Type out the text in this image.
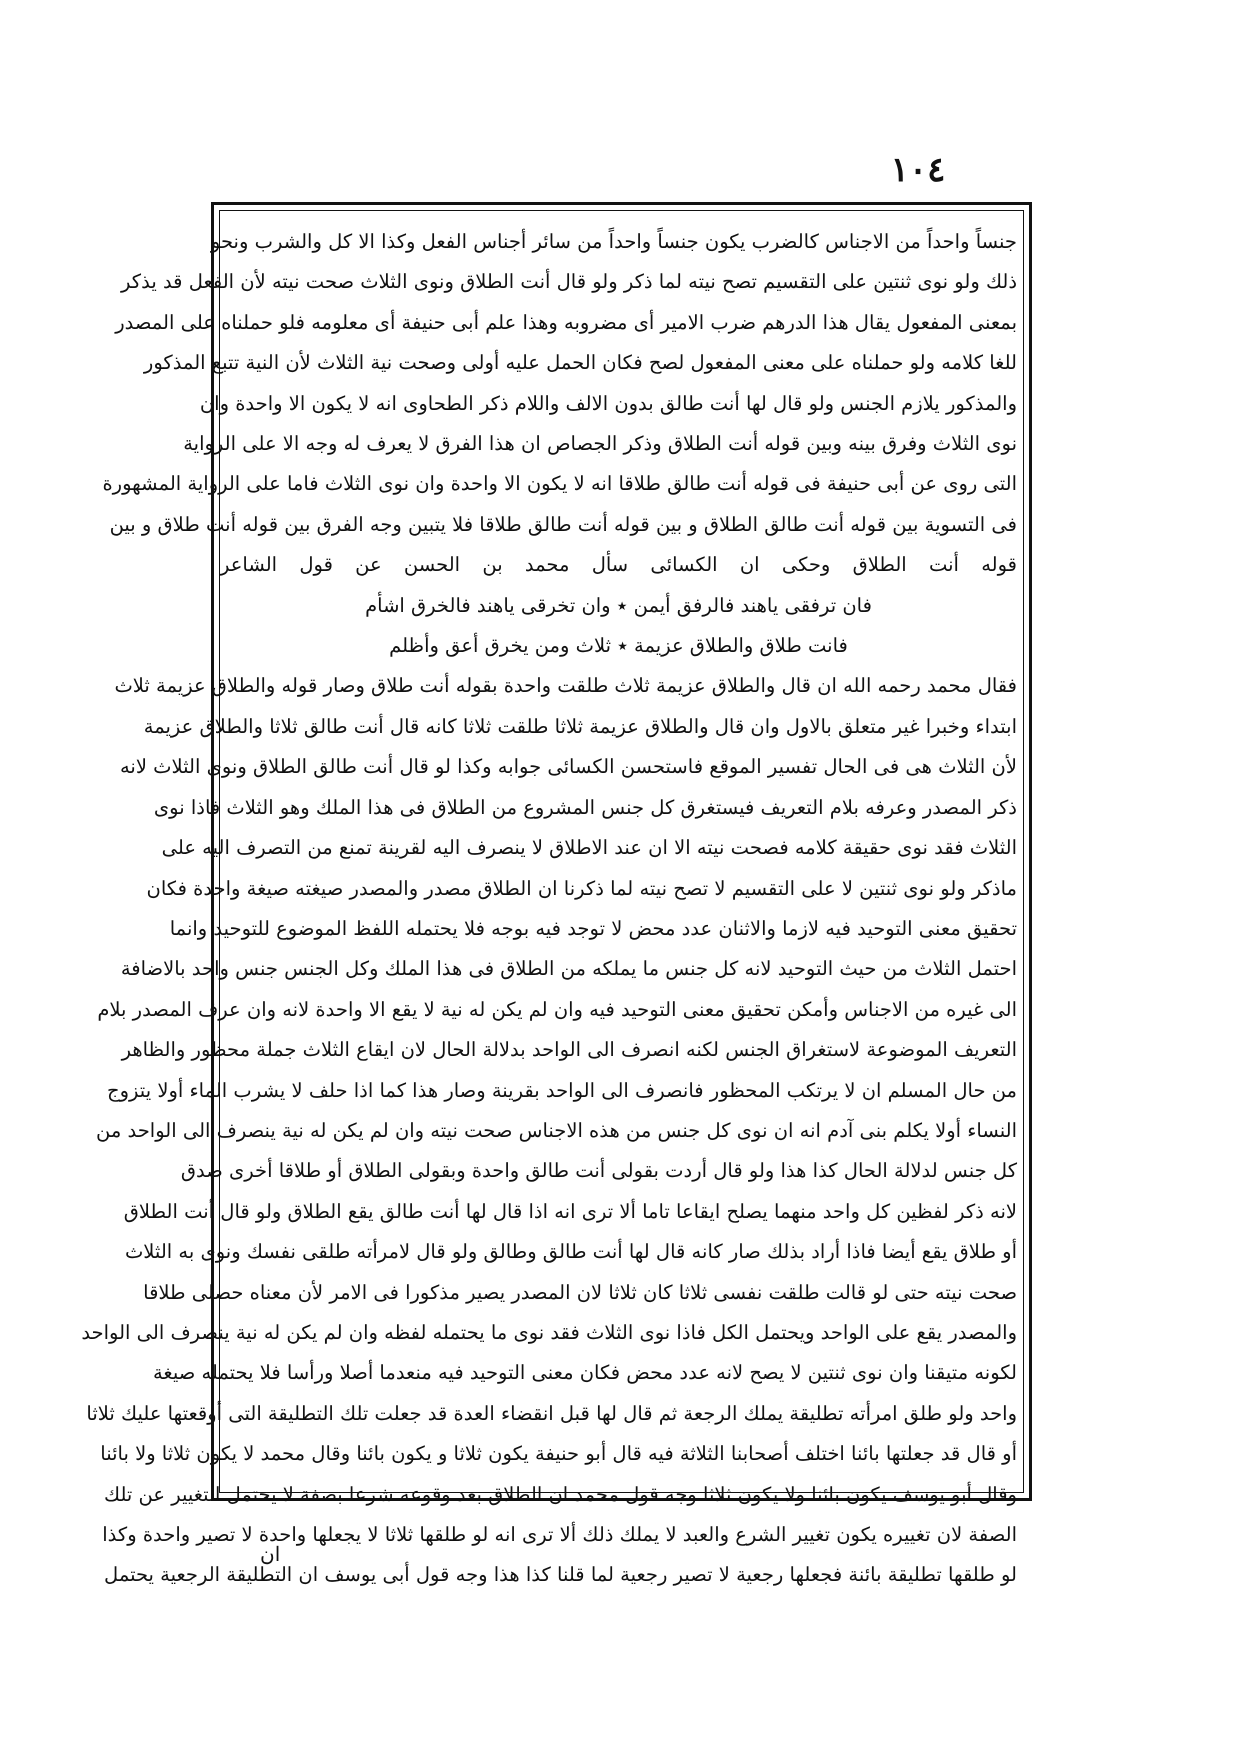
١٠٤
جنساً واحداً من الاجناس كالضرب يكون جنساً واحداً من سائر أجناس الفعل وكذا الا كل والشرب ونحو
ذلك ولو نوى ثنتين على التقسيم تصح نيته لما ذكر ولو قال أنت الطلاق ونوى الثلاث صحت نيته لأن الفعل قد يذكر
بمعنى المفعول يقال هذا الدرهم ضرب الامير أى مضروبه وهذا علم أبى حنيفة أى معلومه فلو حملناه على المصدر
للغا كلامه ولو حملناه على معنى المفعول لصح فكان الحمل عليه أولى وصحت نية الثلاث لأن النية تتبع المذكور
والمذكور يلازم الجنس ولو قال لها أنت طالق بدون الالف واللام ذكر الطحاوى انه لا يكون الا واحدة وان
نوى الثلاث وفرق بينه وبين قوله أنت الطلاق وذكر الجصاص ان هذا الفرق لا يعرف له وجه الا على الرواية
التى روى عن أبى حنيفة فى قوله أنت طالق طلاقا انه لا يكون الا واحدة وان نوى الثلاث فاما على الرواية المشهورة
فى التسوية بين قوله أنت طالق الطلاق و بين قوله أنت طالق طلاقا فلا يتبين وجه الفرق بين قوله أنت طلاق و بين
قوله أنت الطلاق وحكى ان الكسائى سأل محمد بن الحسن عن قول الشاعر
فان ترفقى ياهند فالرفق أيمن ٭ وان تخرقى ياهند فالخرق اشأم
فانت طلاق والطلاق عزيمة ٭ ثلاث ومن يخرق أعق وأظلم
فقال محمد رحمه الله ان قال والطلاق عزيمة ثلاث طلقت واحدة بقوله أنت طلاق وصار قوله والطلاق عزيمة ثلاث
ابتداء وخبرا غير متعلق بالاول وان قال والطلاق عزيمة ثلاثا طلقت ثلاثا كانه قال أنت طالق ثلاثا والطلاق عزيمة
لأن الثلاث هى فى الحال تفسير الموقع فاستحسن الكسائى جوابه وكذا لو قال أنت طالق الطلاق ونوى الثلاث لانه
ذكر المصدر وعرفه بلام التعريف فيستغرق كل جنس المشروع من الطلاق فى هذا الملك وهو الثلاث فاذا نوى
الثلاث فقد نوى حقيقة كلامه فصحت نيته الا ان عند الاطلاق لا ينصرف اليه لقرينة تمنع من التصرف اليه على
ماذكر ولو نوى ثنتين لا على التقسيم لا تصح نيته لما ذكرنا ان الطلاق مصدر والمصدر صيغته صيغة واحدة فكان
تحقيق معنى التوحيد فيه لازما والاثنان عدد محض لا توجد فيه بوجه فلا يحتمله اللفظ الموضوع للتوحيد وانما
احتمل الثلاث من حيث التوحيد لانه كل جنس ما يملكه من الطلاق فى هذا الملك وكل الجنس جنس واحد بالاضافة
الى غيره من الاجناس وأمكن تحقيق معنى التوحيد فيه وان لم يكن له نية لا يقع الا واحدة لانه وان عرف المصدر بلام
التعريف الموضوعة لاستغراق الجنس لكنه انصرف الى الواحد بدلالة الحال لان ايقاع الثلاث جملة محظور والظاهر
من حال المسلم ان لا يرتكب المحظور فانصرف الى الواحد بقرينة وصار هذا كما اذا حلف لا يشرب الماء أولا يتزوج
النساء أولا يكلم بنى آدم انه ان نوى كل جنس من هذه الاجناس صحت نيته وان لم يكن له نية ينصرف الى الواحد من
كل جنس لدلالة الحال كذا هذا ولو قال أردت بقولى أنت طالق واحدة وبقولى الطلاق أو طلاقا أخرى صدق
لانه ذكر لفظين كل واحد منهما يصلح ايقاعا تاما ألا ترى انه اذا قال لها أنت طالق يقع الطلاق ولو قال أنت الطلاق
أو طلاق يقع أيضا فاذا أراد بذلك صار كانه قال لها أنت طالق وطالق ولو قال لامرأته طلقى نفسك ونوى به الثلاث
صحت نيته حتى لو قالت طلقت نفسى ثلاثا كان ثلاثا لان المصدر يصير مذكورا فى الامر لأن معناه حصلى طلاقا
والمصدر يقع على الواحد ويحتمل الكل فاذا نوى الثلاث فقد نوى ما يحتمله لفظه وان لم يكن له نية ينصرف الى الواحد
لكونه متيقنا وان نوى ثنتين لا يصح لانه عدد محض فكان معنى التوحيد فيه منعدما أصلا ورأسا فلا يحتمله صيغة
واحد ولو طلق امرأته تطليقة يملك الرجعة ثم قال لها قبل انقضاء العدة قد جعلت تلك التطليقة التى أوقعتها عليك ثلاثا
أو قال قد جعلتها بائنا اختلف أصحابنا الثلاثة فيه قال أبو حنيفة يكون ثلاثا و يكون بائنا وقال محمد لا يكون ثلاثا ولا بائنا
وقال أبو يوسف يكون بائنا ولا يكون ثلاثا وجه قول محمد ان الطلاق بعد وقوعه شرعا بصفة لا يحتمل التغيير عن تلك
الصفة لان تغييره يكون تغيير الشرع والعبد لا يملك ذلك ألا ترى انه لو طلقها ثلاثا لا يجعلها واحدة لا تصير واحدة وكذا
لو طلقها تطليقة بائنة فجعلها رجعية لا تصير رجعية لما قلنا كذا هذا وجه قول أبى يوسف ان التطليقة الرجعية يحتمل
ان
